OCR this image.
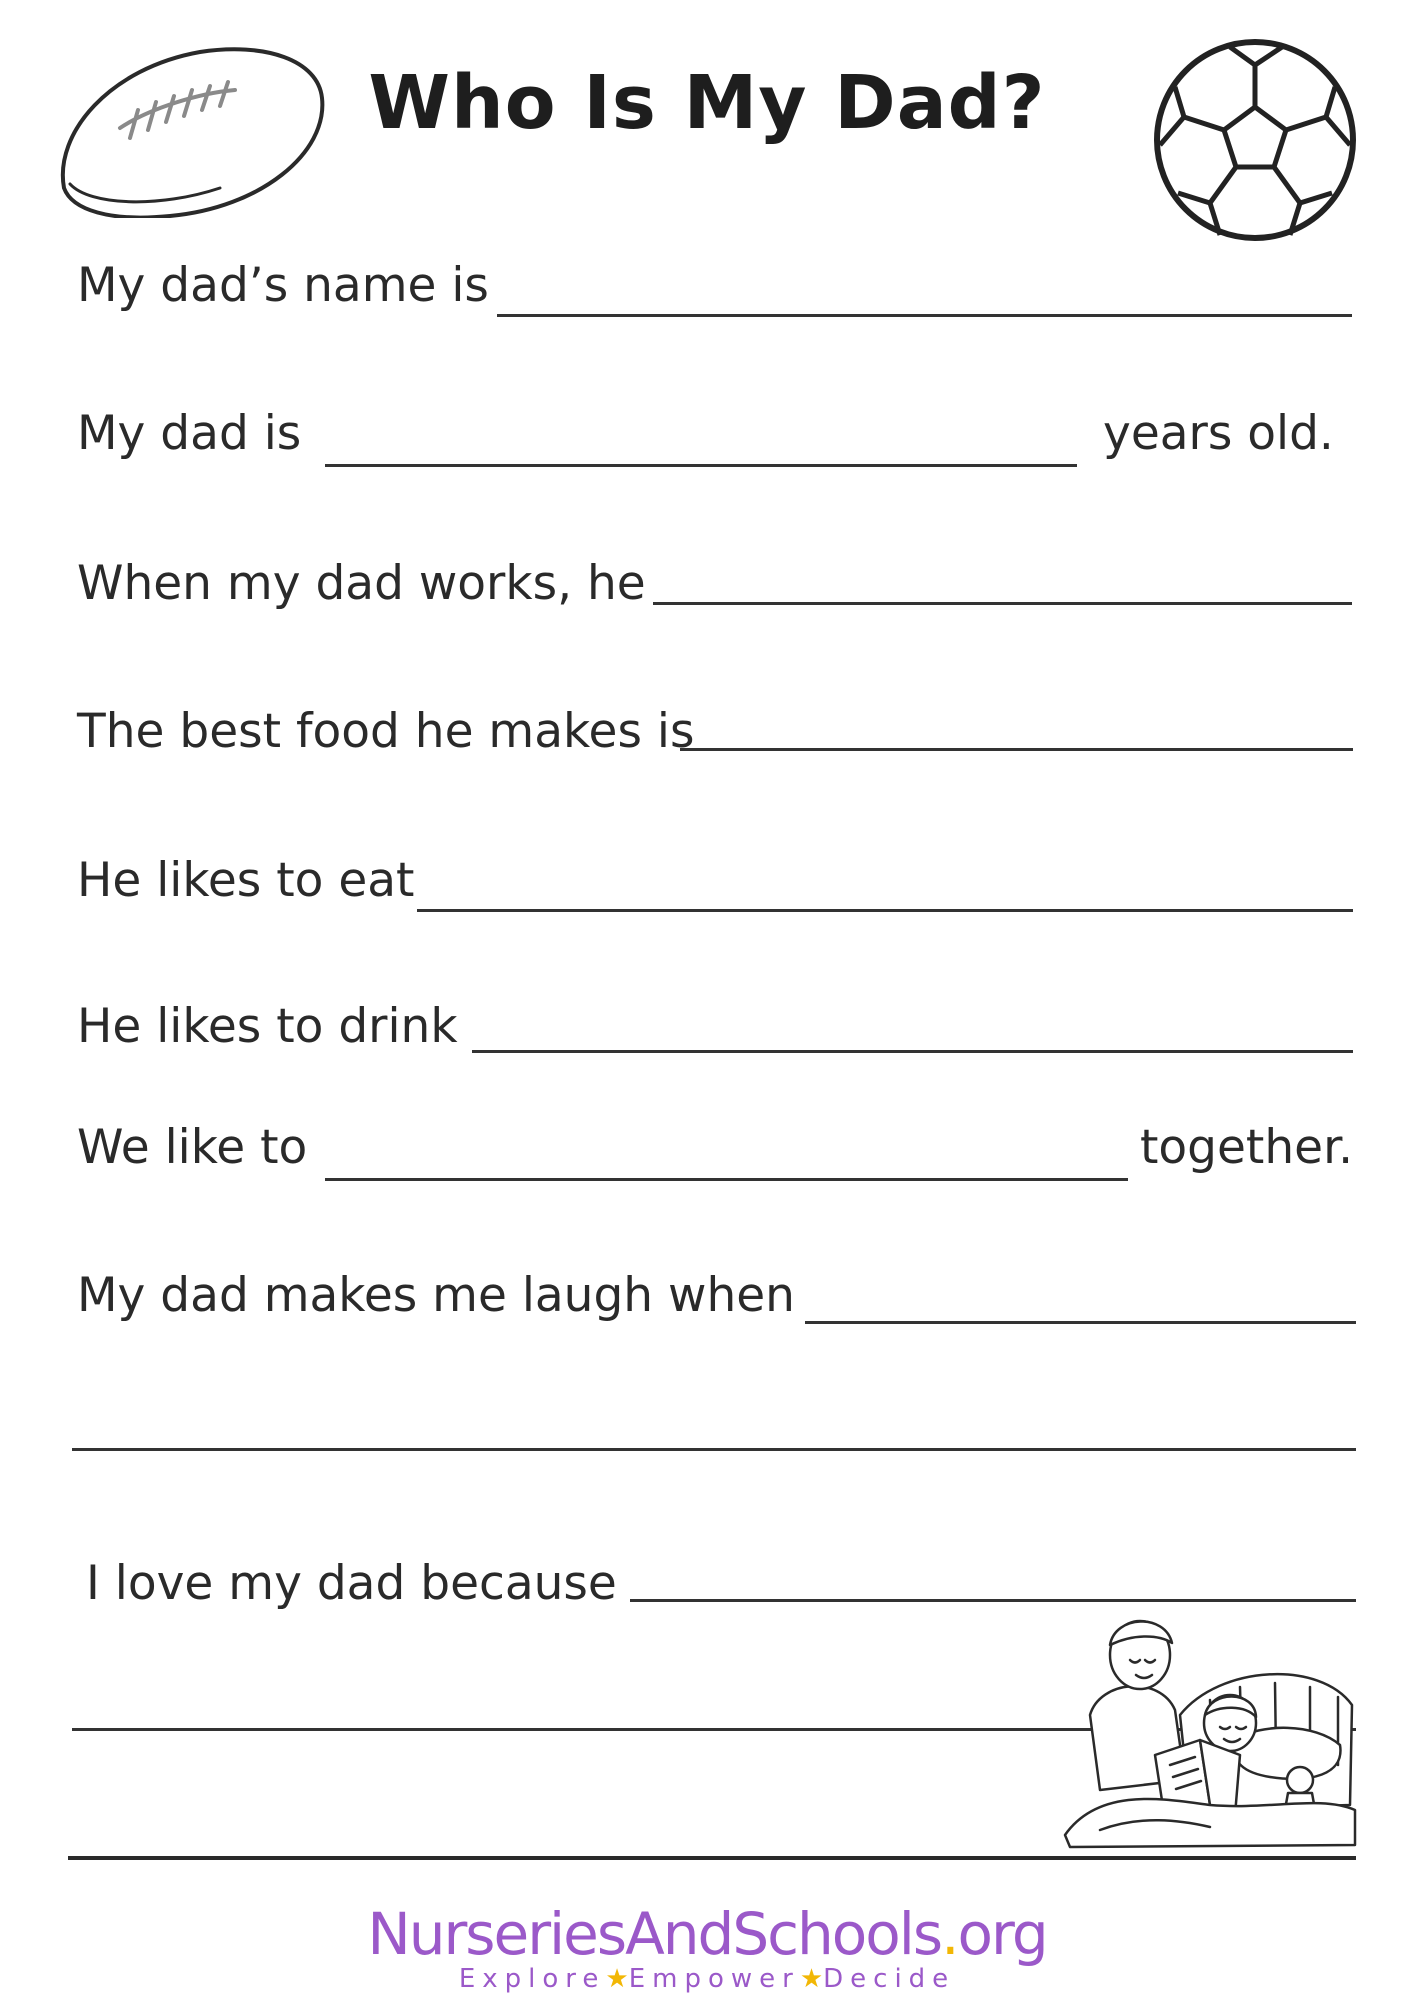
Who Is My Dad?
My dad’s name is
My dad is	years old.
When my dad works, he
The best food he makes is
He likes to eat
He likes to drink
We like to	together.
My dad makes me laugh when
I love my dad because
NurseriesAndSchools.org
Explore★Empower★Decide
